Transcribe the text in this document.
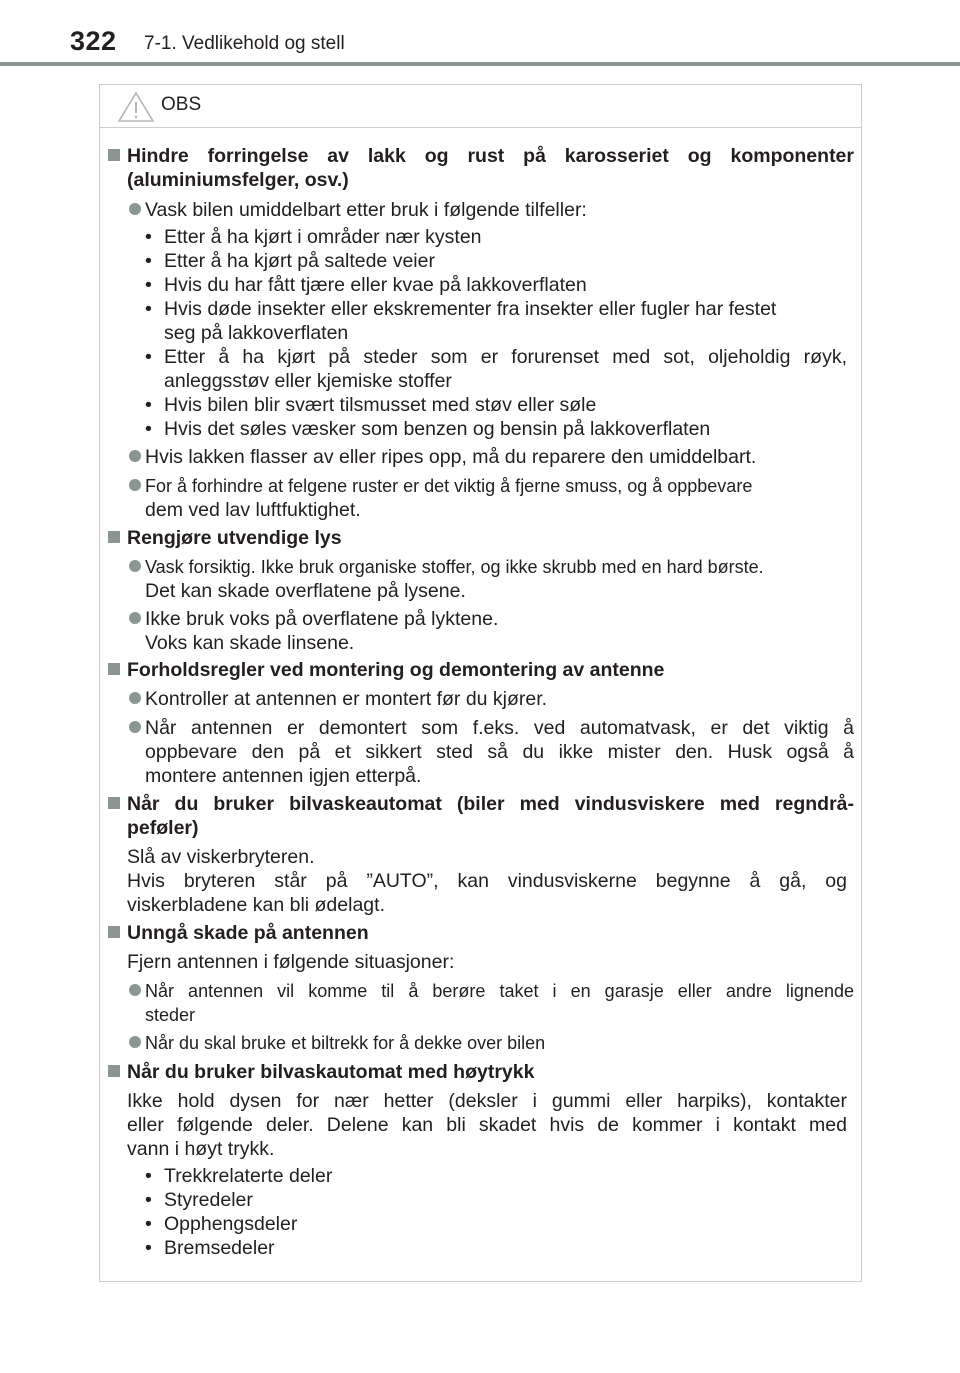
322 7-1. Vedlikehold og stell
OBS
Hindre forringelse av lakk og rust på karosseriet og komponenter
(aluminiumsfelger, osv.)
Vask bilen umiddelbart etter bruk i følgende tilfeller:
• Etter å ha kjørt i områder nær kysten
• Etter å ha kjørt på saltede veier
• Hvis du har fått tjære eller kvae på lakkoverflaten
• Hvis døde insekter eller ekskrementer fra insekter eller fugler har festet
seg på lakkoverflaten
• Etter å ha kjørt på steder som er forurenset med sot, oljeholdig røyk,
anleggsstøv eller kjemiske stoffer
• Hvis bilen blir svært tilsmusset med støv eller søle
• Hvis det søles væsker som benzen og bensin på lakkoverflaten
Hvis lakken flasser av eller ripes opp, må du reparere den umiddelbart.
For å forhindre at felgene ruster er det viktig å fjerne smuss, og å oppbevare
dem ved lav luftfuktighet.
Rengjøre utvendige lys
Vask forsiktig. Ikke bruk organiske stoffer, og ikke skrubb med en hard børste.
Det kan skade overflatene på lysene.
Ikke bruk voks på overflatene på lyktene.
Voks kan skade linsene.
Forholdsregler ved montering og demontering av antenne
Kontroller at antennen er montert før du kjører.
Når antennen er demontert som f.eks. ved automatvask, er det viktig å
oppbevare den på et sikkert sted så du ikke mister den. Husk også å
montere antennen igjen etterpå.
Når du bruker bilvaskeautomat (biler med vindusviskere med regndrå-
peføler)
Slå av viskerbryteren.
Hvis bryteren står på ”AUTO”, kan vindusviskerne begynne å gå, og
viskerbladene kan bli ødelagt.
Unngå skade på antennen
Fjern antennen i følgende situasjoner:
Når antennen vil komme til å berøre taket i en garasje eller andre lignende
steder
Når du skal bruke et biltrekk for å dekke over bilen
Når du bruker bilvaskautomat med høytrykk
Ikke hold dysen for nær hetter (deksler i gummi eller harpiks), kontakter
eller følgende deler. Delene kan bli skadet hvis de kommer i kontakt med
vann i høyt trykk.
• Trekkrelaterte deler
• Styredeler
• Opphengsdeler
• Bremsedeler
